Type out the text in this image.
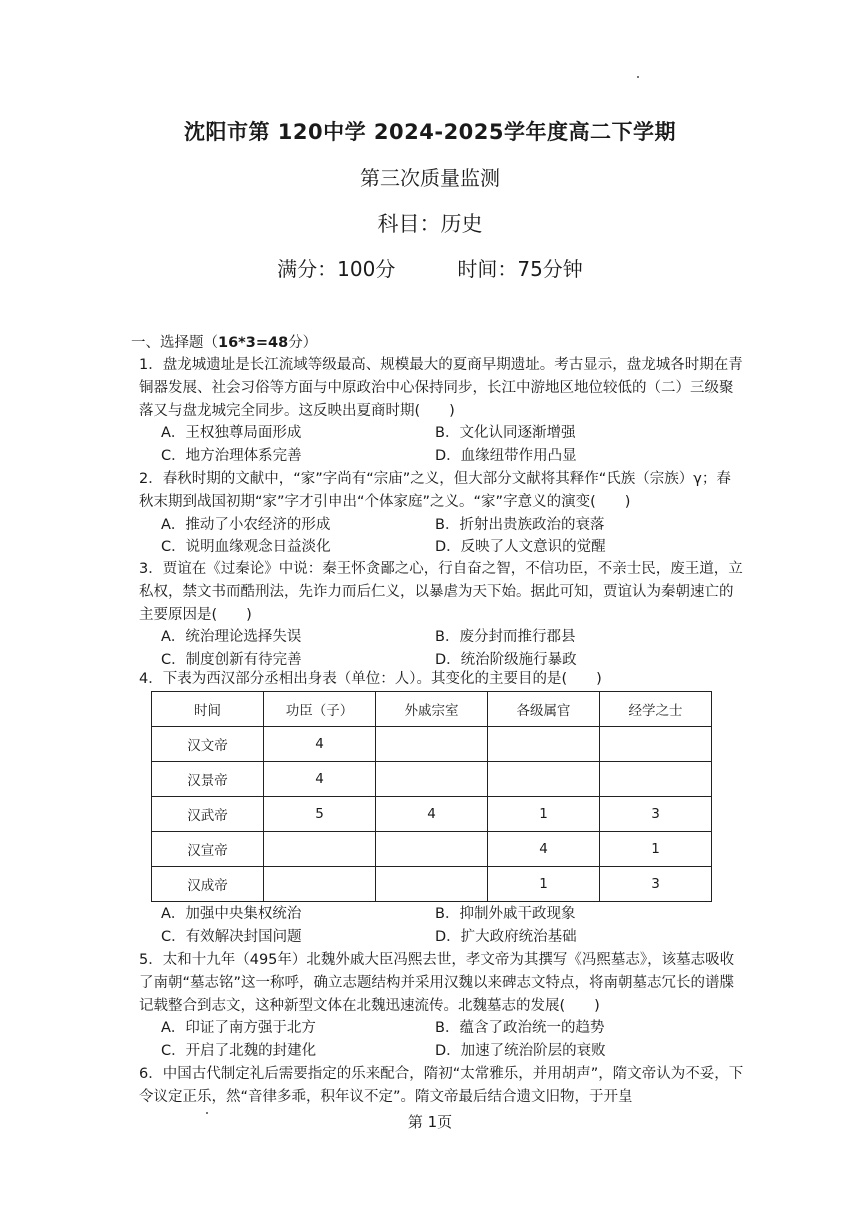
沈阳市第 120中学 2024-2025学年度高二下学期
第三次质量监测
科目：历史
满分：100分	时间：75分钟
一、选择题（16*3=48分）

1．盘龙城遗址是长江流域等级最高、规模最大的夏商早期遗址。考古显示，盘龙城各时期在青铜器发展、社会习俗等方面与中原政治中心保持同步，长江中游地区地位较低的（二）三级聚落又与盘龙城完全同步。这反映出夏商时期(　　)

A．王权独尊局面形成	B．文化认同逐渐增强
C．地方治理体系完善	D．血缘纽带作用凸显

2．春秋时期的文献中，“家”字尚有“宗庙”之义，但大部分文献将其释作“氏族（宗族）γ；春秋末期到战国初期“家”字才引申出“个体家庭”之义。“家”字意义的演变(　　)

A．推动了小农经济的形成	B．折射出贵族政治的衰落
C．说明血缘观念日益淡化	D．反映了人文意识的觉醒

3．贾谊在《过秦论》中说：秦王怀贪鄙之心，行自奋之智，不信功臣，不亲士民，废王道，立私权，禁文书而酷刑法，先诈力而后仁义，以暴虐为天下始。据此可知，贾谊认为秦朝速亡的主要原因是(　　)

A．统治理论选择失误	B．废分封而推行郡县
C．制度创新有待完善	D．统治阶级施行暴政

4．下表为西汉部分丞相出身表（单位：人）。其变化的主要目的是(　　)

时间	功臣（子）	外戚宗室	各级属官	经学之士
汉文帝	4			
汉景帝	4			
汉武帝	5	4	1	3
汉宣帝			4	1
汉成帝			1	3
A．加强中央集权统治	B．抑制外戚干政现象
C．有效解决封国问题	D．扩大政府统治基础

5．太和十九年（495年）北魏外戚大臣冯熙去世，孝文帝为其撰写《冯熙墓志》，该墓志吸收了南朝“墓志铭”这一称呼，确立志题结构并采用汉魏以来碑志文特点，将南朝墓志冗长的谱牒记载整合到志文，这种新型文体在北魏迅速流传。北魏墓志的发展(　　)

A．印证了南方强于北方	B．蕴含了政治统一的趋势
C．开启了北魏的封建化	D．加速了统治阶层的衰败

6．中国古代制定礼后需要指定的乐来配合，隋初“太常雅乐，并用胡声”，隋文帝认为不妥，下令议定正乐，然“音律多乖，积年议不定”。隋文帝最后结合遗文旧物，于开皇

第 1页
